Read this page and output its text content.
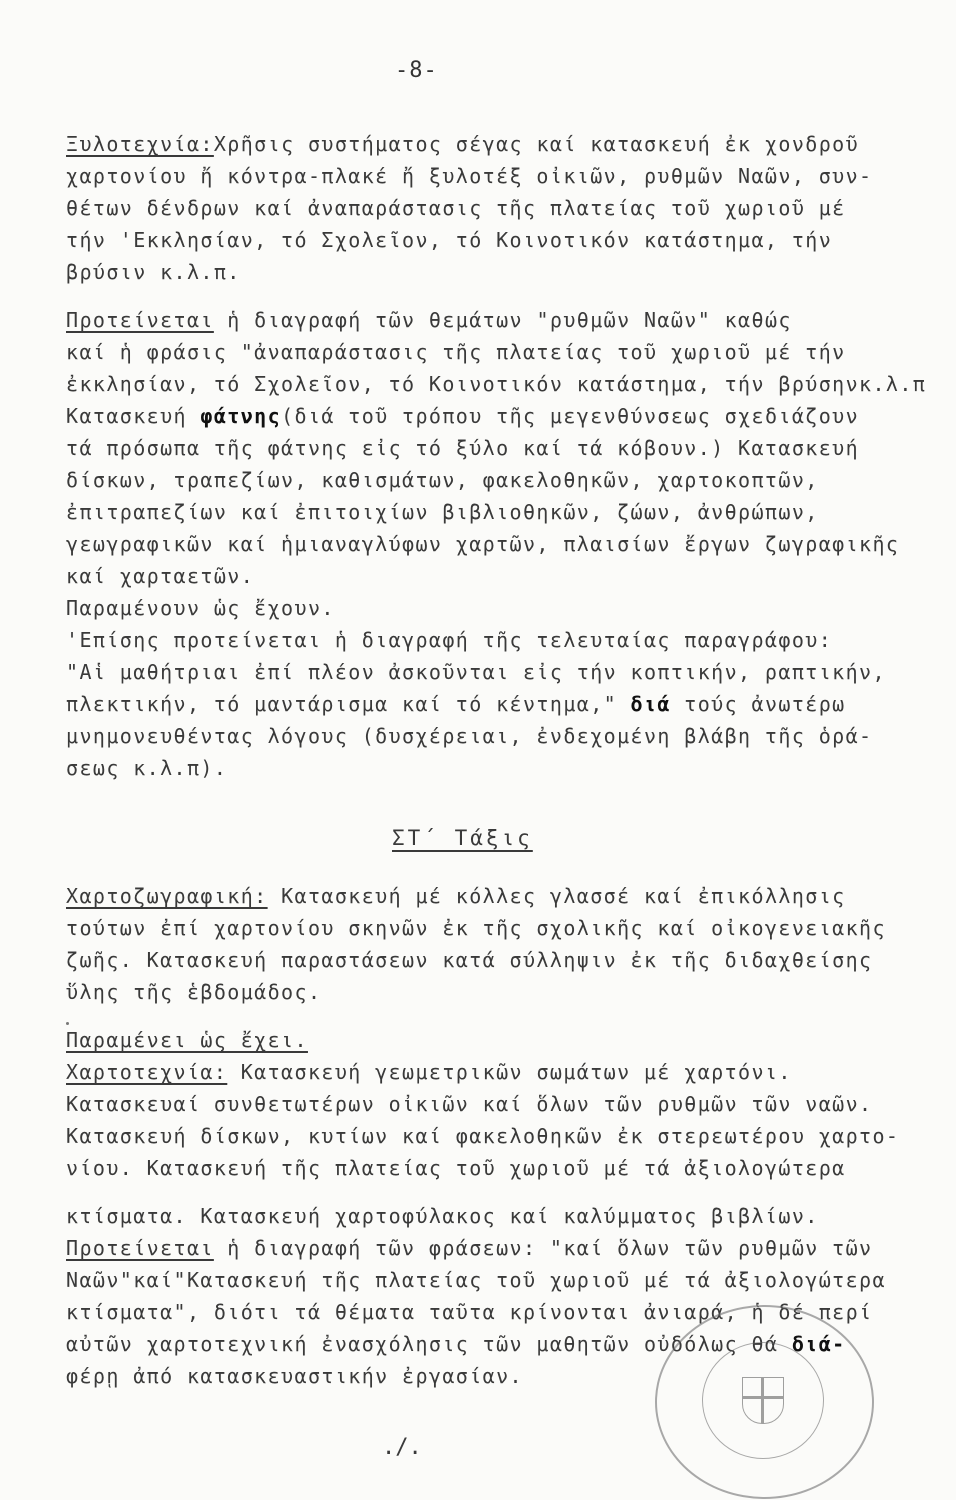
-8-
Ξυλοτεχνία:Χρῆσις συστήματος σέγας καί κατασκευή ἐκ χονδροῦ
χαρτονίου ἤ κόντρα-πλακέ ἤ ξυλοτέξ οἰκιῶν, ρυθμῶν Ναῶν, συν-
θέτων δένδρων καί ἀναπαράστασις τῆς πλατείας τοῦ χωριοῦ μέ
τήν 'Εκκλησίαν, τό Σχολεῖον, τό Κοινοτικόν κατάστημα, τήν
βρύσιν κ.λ.π.
Προτείνεται ἡ διαγραφή τῶν θεμάτων "ρυθμῶν Ναῶν" καθώς
καί ἡ φράσις "ἀναπαράστασις τῆς πλατείας τοῦ χωριοῦ μέ τήν
ἐκκλησίαν, τό Σχολεῖον, τό Κοινοτικόν κατάστημα, τήν βρύσηνκ.λ.π
Κατασκευή φάτνης(διά τοῦ τρόπου τῆς μεγενθύνσεως σχεδιάζουν
τά πρόσωπα τῆς φάτνης εἰς τό ξύλο καί τά κόβουν.) Κατασκευή
δίσκων, τραπεζίων, καθισμάτων, φακελοθηκῶν, χαρτοκοπτῶν,
ἐπιτραπεζίων καί ἐπιτοιχίων βιβλιοθηκῶν, ζώων, ἀνθρώπων,
γεωγραφικῶν καί ἡμιαναγλύφων χαρτῶν, πλαισίων ἔργων ζωγραφικῆς
καί χαρταετῶν.
Παραμένουν ὡς ἔχουν.
'Επίσης προτείνεται ἡ διαγραφή τῆς τελευταίας παραγράφου:
"Αἱ μαθήτριαι ἐπί πλέον ἀσκοῦνται εἰς τήν κοπτικήν, ραπτικήν,
πλεκτικήν, τό μαντάρισμα καί τό κέντημα," διά τούς ἀνωτέρω
μνημονευθέντας λόγους (δυσχέρειαι, ἐνδεχομένη βλάβη τῆς ὁρά-
σεως κ.λ.π).
Χαρτοζωγραφική: Κατασκευή μέ κόλλες γλασσέ καί ἐπικόλλησις
τούτων ἐπί χαρτονίου σκηνῶν ἐκ τῆς σχολικῆς καί οἰκογενειακῆς
ζωῆς. Κατασκευή παραστάσεων κατά σύλληψιν ἐκ τῆς διδαχθείσης
ὕλης τῆς ἑβδομάδος.
Παραμένει ὡς ἔχει.
Χαρτοτεχνία: Κατασκευή γεωμετρικῶν σωμάτων μέ χαρτόνι.
Κατασκευαί συνθετωτέρων οἰκιῶν καί ὅλων τῶν ρυθμῶν τῶν ναῶν.
Κατασκευή δίσκων, κυτίων καί φακελοθηκῶν ἐκ στερεωτέρου χαρτο-
νίου. Κατασκευή τῆς πλατείας τοῦ χωριοῦ μέ τά ἀξιολογώτερα
κτίσματα. Κατασκευή χαρτοφύλακος καί καλύμματος βιβλίων.
Προτείνεται ἡ διαγραφή τῶν φράσεων: "καί ὅλων τῶν ρυθμῶν τῶν
Ναῶν"καί"Κατασκευή τῆς πλατείας τοῦ χωριοῦ μέ τά ἀξιολογώτερα
κτίσματα", διότι τά θέματα ταῦτα κρίνονται ἀνιαρά, ἡ δέ περί
αὐτῶν χαρτοτεχνική ἐνασχόλησις τῶν μαθητῶν οὐδόλως θά διά-
φέρῃ ἀπό κατασκευαστικήν ἐργασίαν.
ΣΤ΄ Τάξις
./.
